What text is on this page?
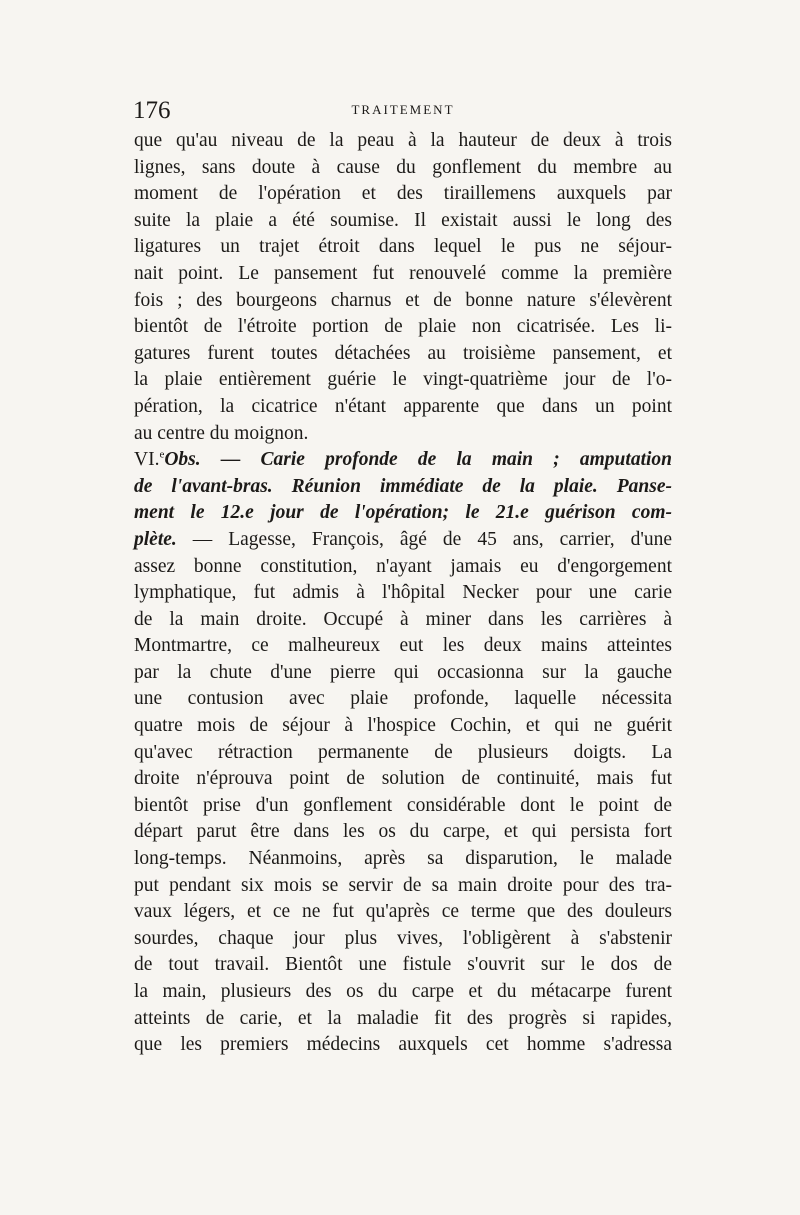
176	TRAITEMENT
que qu'au niveau de la peau à la hauteur de deux à trois
lignes, sans doute à cause du gonflement du membre au
moment de l'opération et des tiraillemens auxquels par
suite la plaie a été soumise. Il existait aussi le long des
ligatures un trajet étroit dans lequel le pus ne séjour-
nait point. Le pansement fut renouvelé comme la première
fois ; des bourgeons charnus et de bonne nature s'élevèrent
bientôt de l'étroite portion de plaie non cicatrisée. Les li-
gatures furent toutes détachées au troisième pansement, et
la plaie entièrement guérie le vingt-quatrième jour de l'o-
pération, la cicatrice n'étant apparente que dans un point
au centre du moignon.
VI.$^e$Obs. — Carie profonde de la main ; amputation
de l'avant-bras. Réunion immédiate de la plaie. Panse-
ment le 12.e jour de l'opération; le 21.e guérison com-
plète. — Lagesse, François, âgé de 45 ans, carrier, d'une
assez bonne constitution, n'ayant jamais eu d'engorgement
lymphatique, fut admis à l'hôpital Necker pour une carie
de la main droite. Occupé à miner dans les carrières à
Montmartre, ce malheureux eut les deux mains atteintes
par la chute d'une pierre qui occasionna sur la gauche
une contusion avec plaie profonde, laquelle nécessita
quatre mois de séjour à l'hospice Cochin, et qui ne guérit
qu'avec rétraction permanente de plusieurs doigts. La
droite n'éprouva point de solution de continuité, mais fut
bientôt prise d'un gonflement considérable dont le point de
départ parut être dans les os du carpe, et qui persista fort
long-temps. Néanmoins, après sa disparution, le malade
put pendant six mois se servir de sa main droite pour des tra-
vaux légers, et ce ne fut qu'après ce terme que des douleurs
sourdes, chaque jour plus vives, l'obligèrent à s'abstenir
de tout travail. Bientôt une fistule s'ouvrit sur le dos de
la main, plusieurs des os du carpe et du métacarpe furent
atteints de carie, et la maladie fit des progrès si rapides,
que les premiers médecins auxquels cet homme s'adressa
